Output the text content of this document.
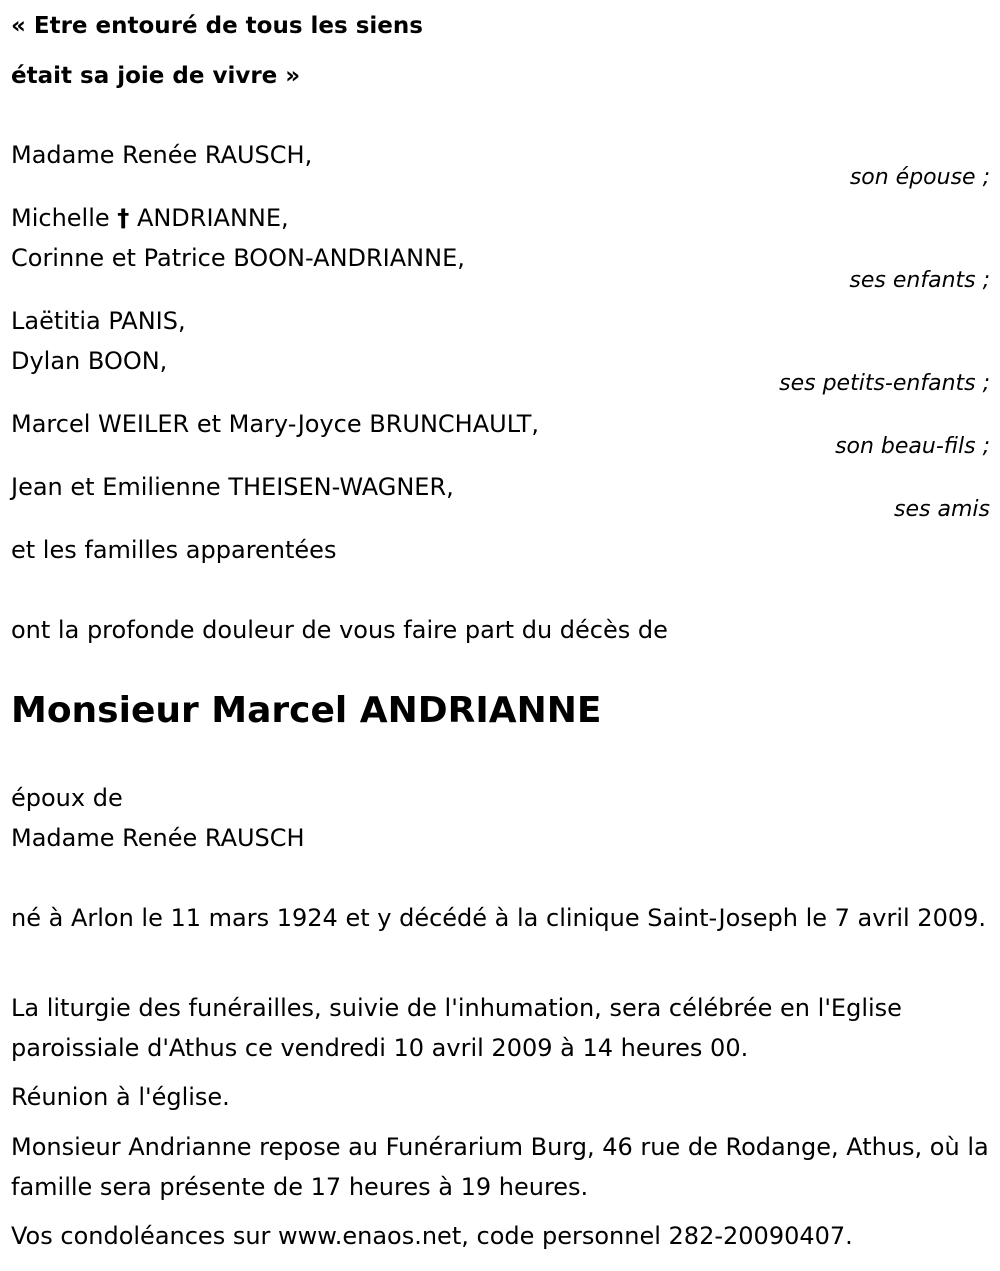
« Etre entouré de tous les siens
était sa joie de vivre »
Madame Renée RAUSCH,
son épouse ;
Michelle † ANDRIANNE,
Corinne et Patrice BOON-ANDRIANNE,
ses enfants ;
Laëtitia PANIS,
Dylan BOON,
ses petits-enfants ;
Marcel WEILER et Mary-Joyce BRUNCHAULT,
son beau-fils ;
Jean et Emilienne THEISEN-WAGNER,
ses amis
et les familles apparentées
ont la profonde douleur de vous faire part du décès de
Monsieur Marcel ANDRIANNE
époux de
Madame Renée RAUSCH
né à Arlon le 11 mars 1924 et y décédé à la clinique Saint-Joseph le 7 avril 2009.
La liturgie des funérailles, suivie de l'inhumation, sera célébrée en l'Eglise paroissiale d'Athus ce vendredi 10 avril 2009 à 14 heures 00.
Réunion à l'église.
Monsieur Andrianne repose au Funérarium Burg, 46 rue de Rodange, Athus, où la famille sera présente de 17 heures à 19 heures.
Vos condoléances sur www.enaos.net, code personnel 282-20090407.
